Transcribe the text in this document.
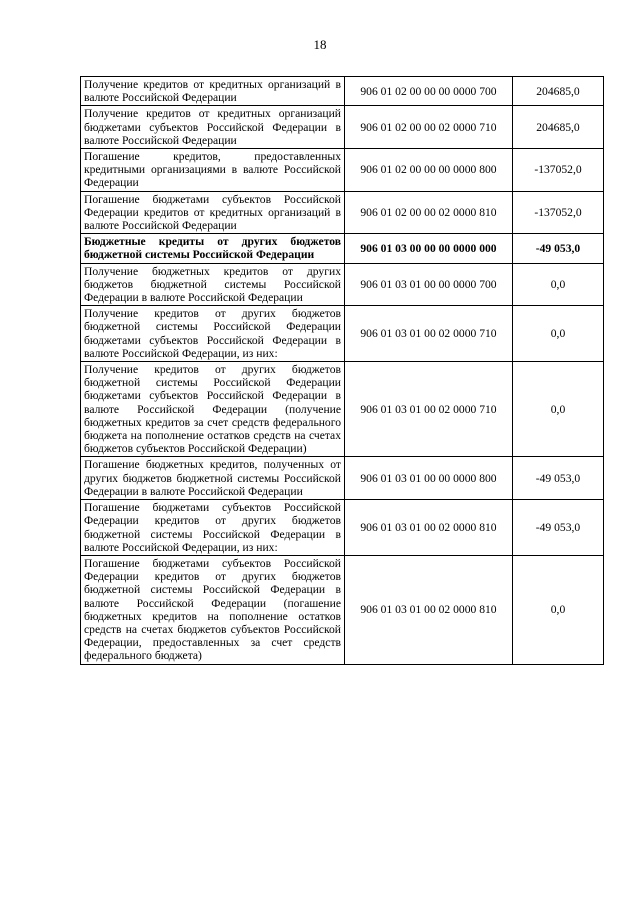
18
Получение кредитов от кредитных организаций в валюте Российской Федерации	906 01 02 00 00 00 0000 700	204685,0
Получение кредитов от кредитных организаций бюджетами субъектов Российской Федерации в валюте Российской Федерации	906 01 02 00 00 02 0000 710	204685,0
Погашение кредитов, предоставленных кредитными организациями в валюте Российской Федерации	906 01 02 00 00 00 0000 800	-137052,0
Погашение бюджетами субъектов Российской Федерации кредитов от кредитных организаций в валюте Российской Федерации	906 01 02 00 00 02 0000 810	-137052,0
Бюджетные кредиты от других бюджетов бюджетной системы Российской Федерации	906 01 03 00 00 00 0000 000	-49 053,0
Получение бюджетных кредитов от других бюджетов бюджетной системы Российской Федерации в валюте Российской Федерации	906 01 03 01 00 00 0000 700	0,0
Получение кредитов от других бюджетов бюджетной системы Российской Федерации бюджетами субъектов Российской Федерации в валюте Российской Федерации, из них:	906 01 03 01 00 02 0000 710	0,0
Получение кредитов от других бюджетов бюджетной системы Российской Федерации бюджетами субъектов Российской Федерации в валюте Российской Федерации (получение бюджетных кредитов за счет средств федерального бюджета на пополнение остатков средств на счетах бюджетов субъектов Российской Федерации)	906 01 03 01 00 02 0000 710	0,0
Погашение бюджетных кредитов, полученных от других бюджетов бюджетной системы Российской Федерации в валюте Российской Федерации	906 01 03 01 00 00 0000 800	-49 053,0
Погашение бюджетами субъектов Российской Федерации кредитов от других бюджетов бюджетной системы Российской Федерации в валюте Российской Федерации, из них:	906 01 03 01 00 02 0000 810	-49 053,0
Погашение бюджетами субъектов Российской Федерации кредитов от других бюджетов бюджетной системы Российской Федерации в валюте Российской Федерации (погашение бюджетных кредитов на пополнение остатков средств на счетах бюджетов субъектов Российской Федерации, предоставленных за счет средств федерального бюджета)	906 01 03 01 00 02 0000 810	0,0
